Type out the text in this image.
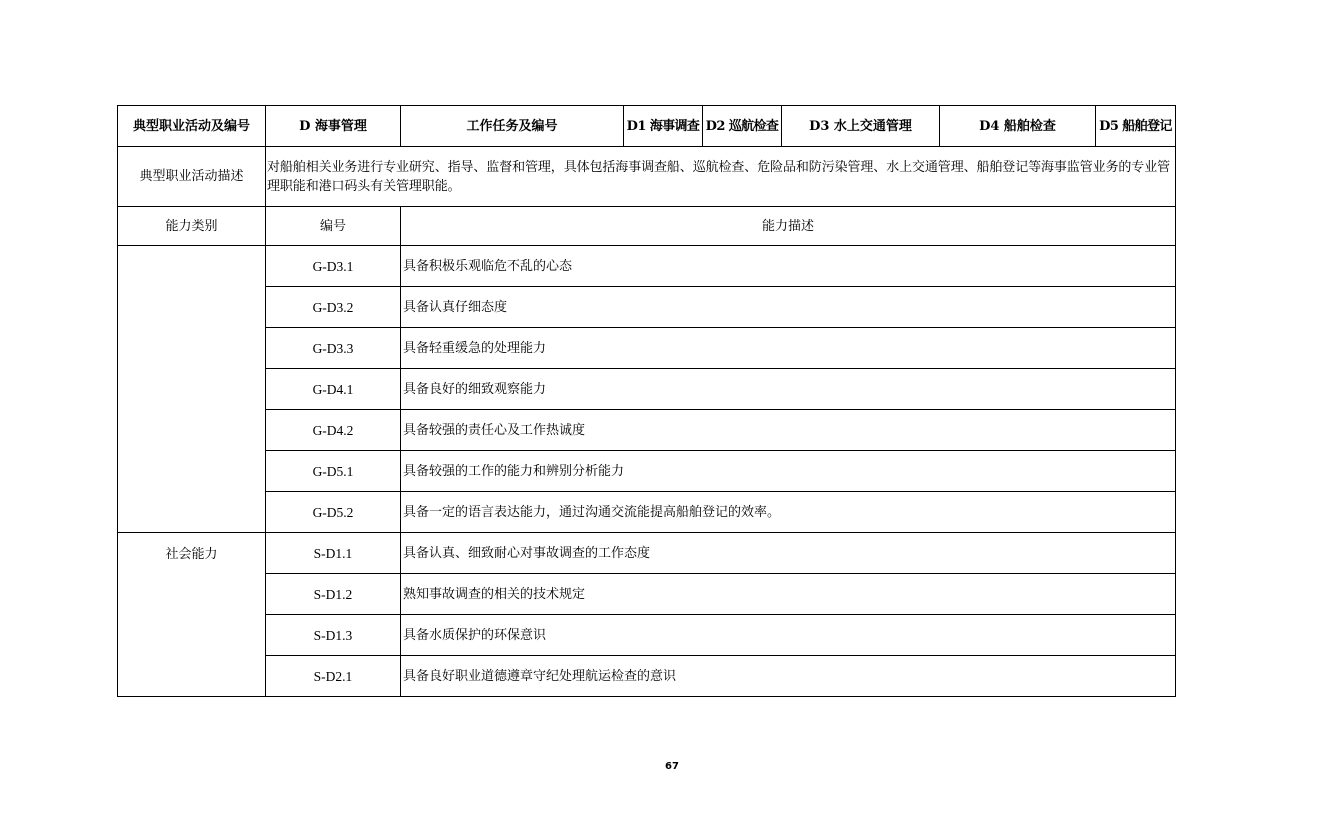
典型职业活动及编号	D 海事管理	工作任务及编号	D1 海事调查	D2 巡航检查	D3 水上交通管理	D4 船舶检查	D5 船舶登记
典型职业活动描述	对船舶相关业务进行专业研究、指导、监督和管理，具体包括海事调查船、巡航检查、危险品和防污染管理、水上交通管理、船舶登记等海事监管业务的专业管理职能和港口码头有关管理职能。						
能力类别	编号	能力描述					
	G-D3.1	具备积极乐观临危不乱的心态					
	G-D3.2	具备认真仔细态度					
	G-D3.3	具备轻重缓急的处理能力					
	G-D4.1	具备良好的细致观察能力					
	G-D4.2	具备较强的责任心及工作热诚度					
	G-D5.1	具备较强的工作的能力和辨别分析能力					
	G-D5.2	具备一定的语言表达能力，通过沟通交流能提高船舶登记的效率。					
社会能力	S-D1.1	具备认真、细致耐心对事故调查的工作态度					
	S-D1.2	熟知事故调查的相关的技术规定					
	S-D1.3	具备水质保护的环保意识					
	S-D2.1	具备良好职业道德遵章守纪处理航运检查的意识					
67
